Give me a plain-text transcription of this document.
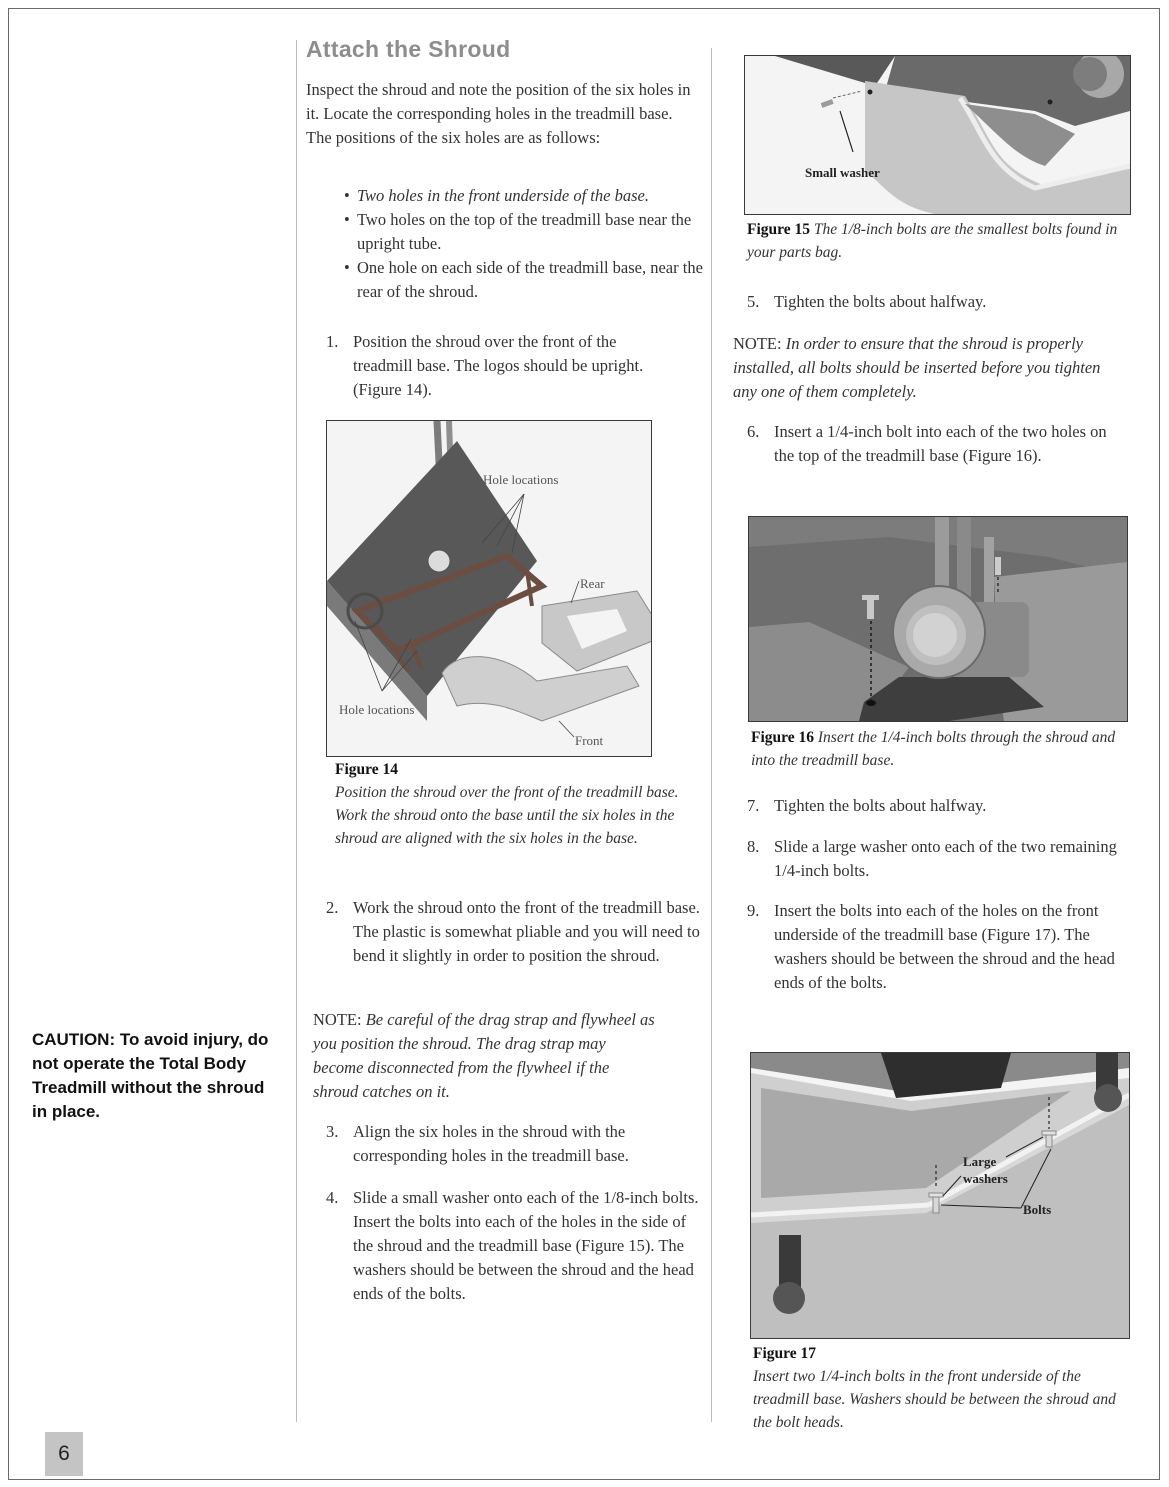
Attach the Shroud

Inspect the shroud and note the position of the six holes in it. Locate the corresponding holes in the treadmill base. The positions of the six holes are as follows:

• Two holes in the front underside of the base.
• Two holes on the top of the treadmill base near the upright tube.
• One hole on each side of the treadmill base, near the rear of the shroud.
1. Position the shroud over the front of the treadmill base. The logos should be upright. (Figure 14).
Hole locations
Rear
Hole locations
Front

Figure 14
Position the shroud over the front of the treadmill base. Work the shroud onto the base until the six holes in the shroud are aligned with the six holes in the base.

2. Work the shroud onto the front of the treadmill base. The plastic is somewhat pliable and you will need to bend it slightly in order to position the shroud.

NOTE: Be careful of the drag strap and flywheel as you position the shroud. The drag strap may become disconnected from the flywheel if the shroud catches on it.

3. Align the six holes in the shroud with the corresponding holes in the treadmill base.
4. Slide a small washer onto each of the 1/8-inch bolts. Insert the bolts into each of the holes in the side of the shroud and the treadmill base (Figure 15). The washers should be between the shroud and the head ends of the bolts.
Small washer

Figure 15 The 1/8-inch bolts are the smallest bolts found in your parts bag.

5. Tighten the bolts about halfway.

NOTE: In order to ensure that the shroud is properly installed, all bolts should be inserted before you tighten any one of them completely.

6. Insert a 1/4-inch bolt into each of the two holes on the top of the treadmill base (Figure 16).

Figure 16 Insert the 1/4-inch bolts through the shroud and into the treadmill base.

7. Tighten the bolts about halfway.
8. Slide a large washer onto each of the two remaining 1/4-inch bolts.
9. Insert the bolts into each of the holes on the front underside of the treadmill base (Figure 17). The washers should be between the shroud and the head ends of the bolts.
Large
washers
Bolts

Figure 17
Insert two 1/4-inch bolts in the front underside of the treadmill base. Washers should be between the shroud and the bolt heads.

CAUTION: To avoid injury, do not operate the Total Body Treadmill without the shroud in place.

6
